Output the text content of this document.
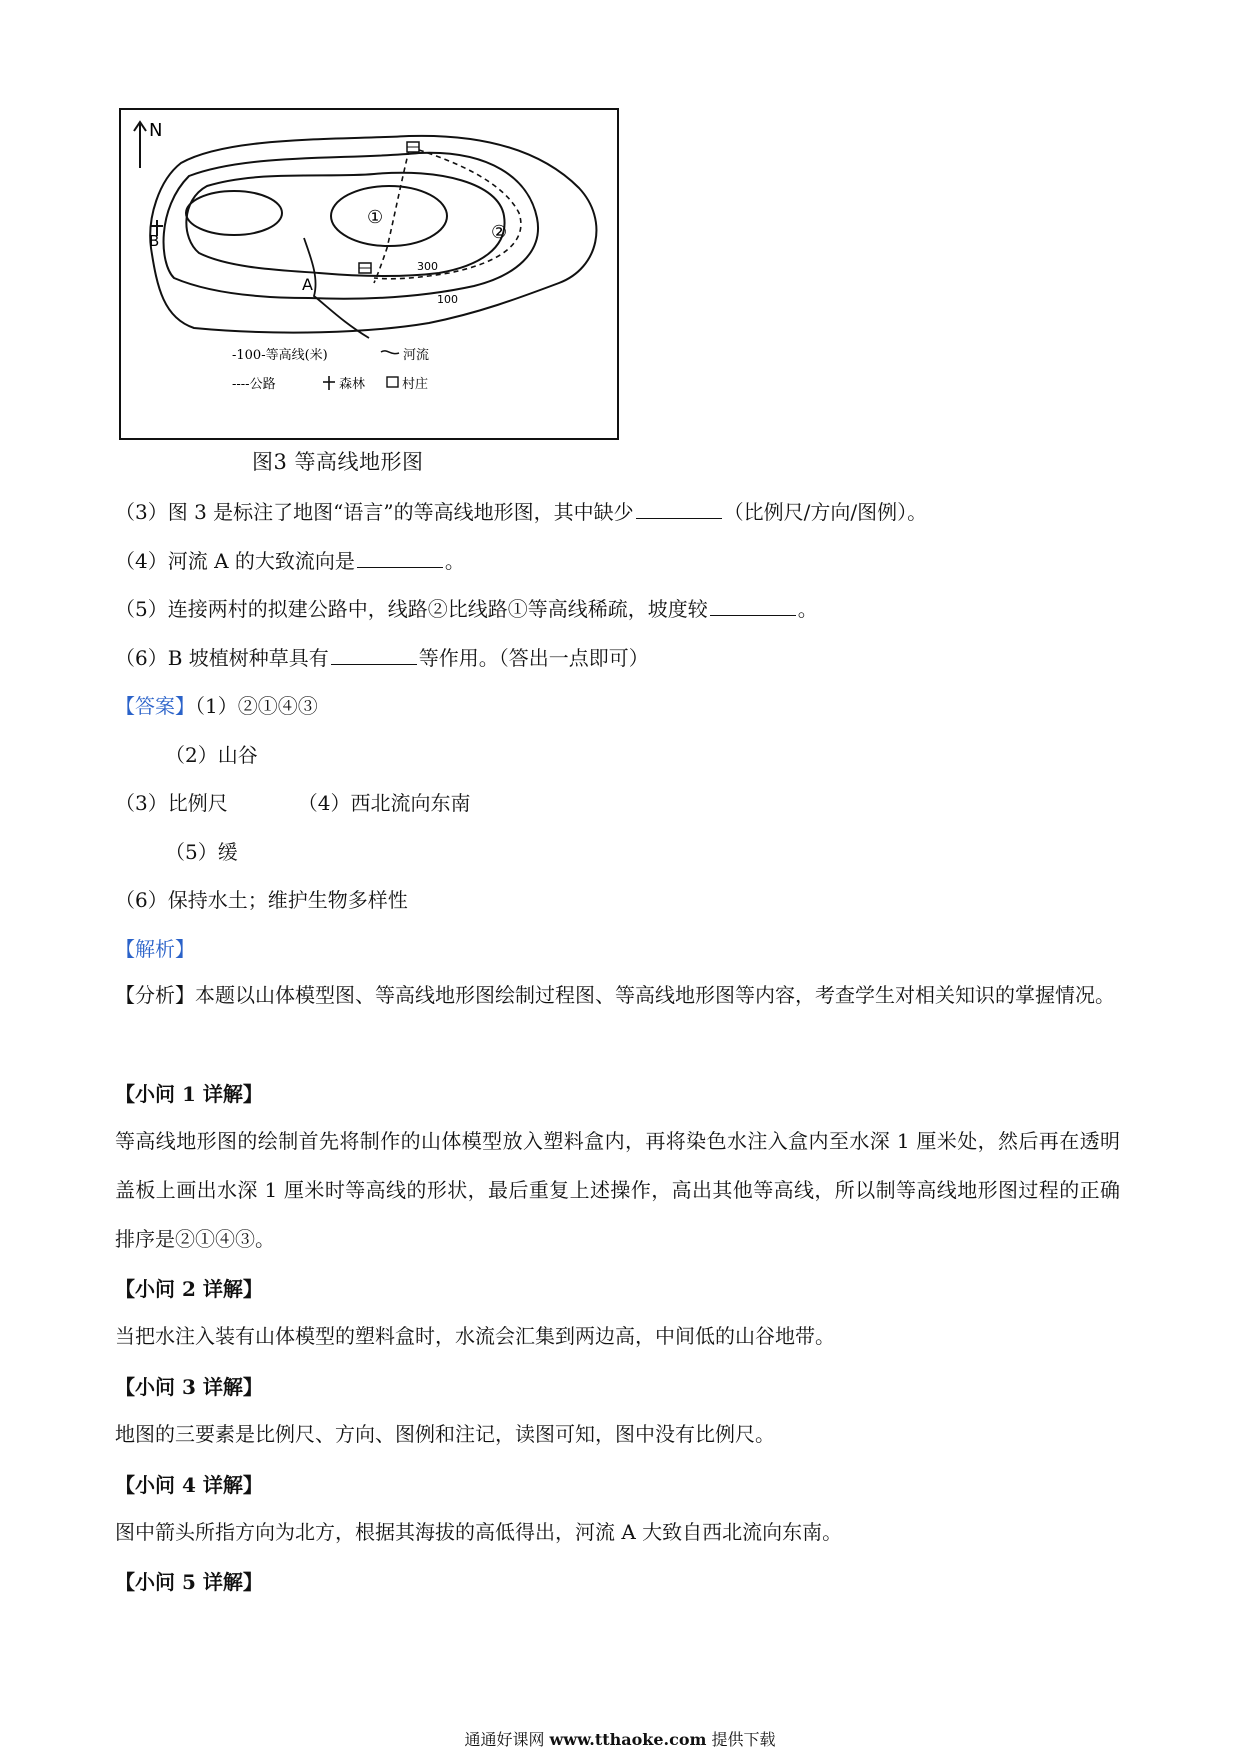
N
B
A
①
②
300
100
-100-等高线(米)	河流
----公路	森林	村庄
图3 等高线地形图
（3）图 3 是标注了地图“语言”的等高线地形图，其中缺少	（比例尺/方向/图例）。
（4）河流 A 的大致流向是	。
（5）连接两村的拟建公路中，线路②比线路①等高线稀疏，坡度较	。
（6）B 坡植树种草具有	等作用。（答出一点即可）
【答案】（1）②①④③
（2）山谷
（3）比例尺	（4）西北流向东南
（5）缓
（6）保持水土；维护生物多样性
【解析】
【分析】本题以山体模型图、等高线地形图绘制过程图、等高线地形图等内容，考查学生对相关知识的掌握情况。
【小问 1 详解】
等高线地形图的绘制首先将制作的山体模型放入塑料盒内，再将染色水注入盒内至水深 1 厘米处，然后再在透明盖板上画出水深 1 厘米时等高线的形状，最后重复上述操作，高出其他等高线，所以制等高线地形图过程的正确排序是②①④③。
【小问 2 详解】
当把水注入装有山体模型的塑料盒时，水流会汇集到两边高，中间低的山谷地带。
【小问 3 详解】
地图的三要素是比例尺、方向、图例和注记，读图可知，图中没有比例尺。
【小问 4 详解】
图中箭头所指方向为北方，根据其海拔的高低得出，河流 A 大致自西北流向东南。
【小问 5 详解】
通通好课网 www.tthaoke.com 提供下载
